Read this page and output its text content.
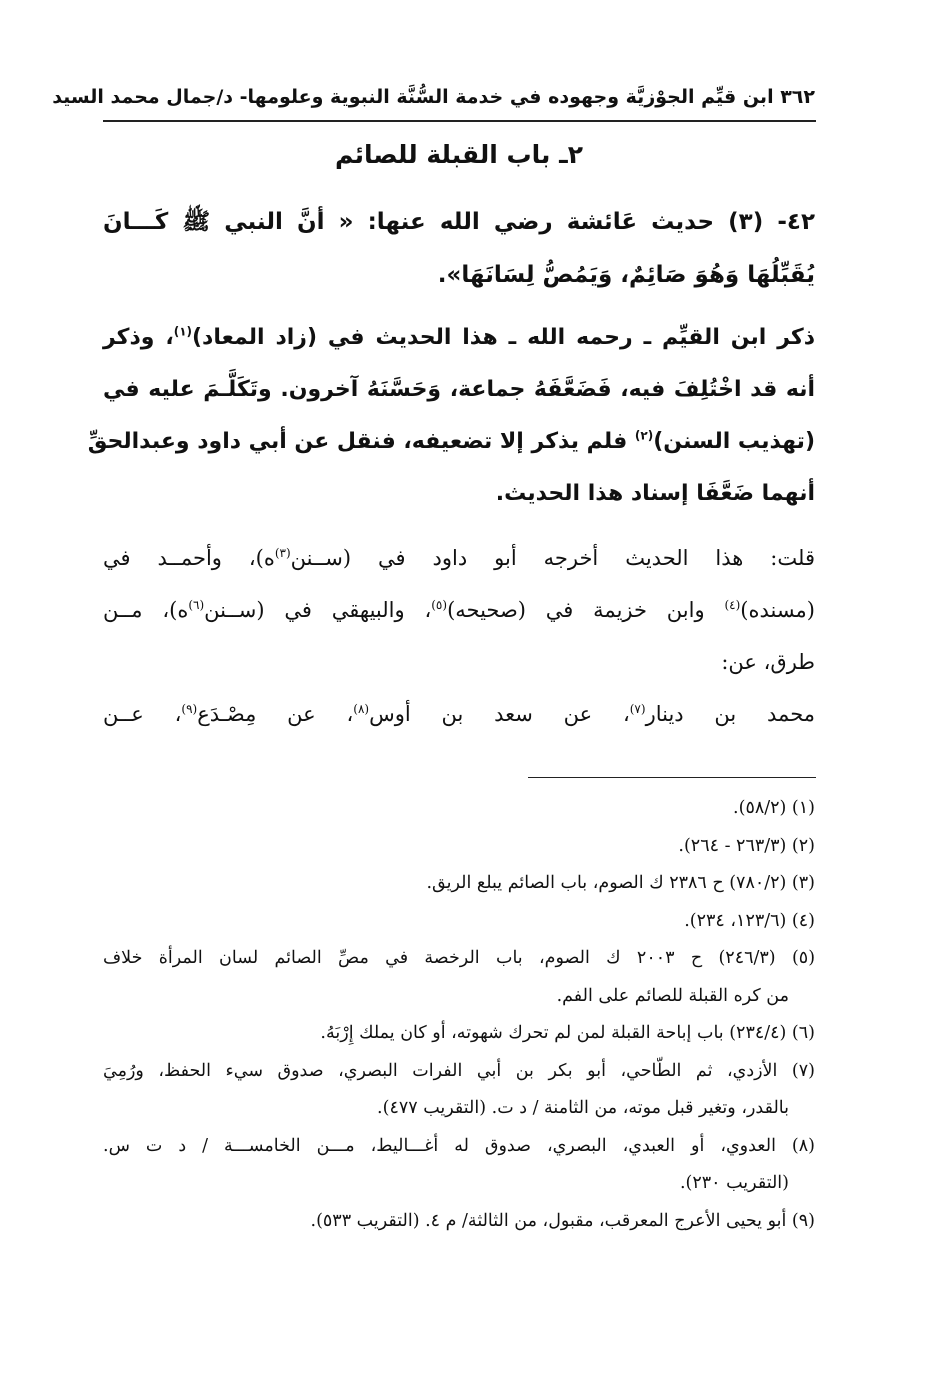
٣٦٢ ابن قيِّم الجوْزيَّة وجهوده في خدمة السُّنَّة النبوية وعلومها- د/جمال محمد السيد
٢ـ باب القبلة للصائم
٤٢- (٣) حديث عَائشة رضي الله عنها: « أنَّ النبي ﷺ كَـــانَ
يُقَبِّلُهَا وَهُوَ صَائِمٌ، وَيَمُصُّ لِسَانَهَا».
ذكر ابن القيِّم ـ رحمه الله ـ هذا الحديث في (زاد المعاد)$^{(١)}$، وذكر
أنه قد اخْتُلِفَ فيه، فَضَعَّفَهُ جماعة، وَحَسَّنَهُ آخرون. وتَكَلَّـمَ عليه في
(تهذيب السنن)$^{(٢)}$ فلم يذكر إلا تضعيفه، فنقل عن أبي داود وعبدالحقِّ
أنهما ضَعَّفَا إسناد هذا الحديث.
قلت: هذا الحديث أخرجه أبو داود في (ســنن$^{(٣)}$ه)، وأحمــد في
(مسنده)$^{(٤)}$ وابن خزيمة في (صحيحه)$^{(٥)}$، والبيهقي في (ســنن$^{(٦)}$ه)، مــن
طرق، عن:
محمد بن دينار$^{(٧)}$، عن سعد بن أوس$^{(٨)}$، عن مِصْـدَع$^{(٩)}$، عــن
(١) (٥٨/٢).
(٢) (٢٦٣/٣ - ٢٦٤).
(٣) (٧٨٠/٢) ح ٢٣٨٦ ك الصوم، باب الصائم يبلع الريق.
(٤) (١٢٣/٦، ٢٣٤).
(٥) (٢٤٦/٣) ح ٢٠٠٣ ك الصوم، باب الرخصة في مصِّ الصائم لسان المرأة خلاف
من كره القبلة للصائم على الفم.
(٦) (٢٣٤/٤) باب إباحة القبلة لمن لم تحرك شهوته، أو كان يملك إِرْبَهُ.
(٧) الأزدي، ثم الطّاحي، أبو بكر بن أبي الفرات البصري، صدوق سيء الحفظ، ورُمِيَ
بالقدر، وتغير قبل موته، من الثامنة / د ت. (التقريب ٤٧٧).
(٨) العدوي، أو العبدي، البصري، صدوق له أغـــاليط، مـــن الخامســـة / د ت س.
(التقريب ٢٣٠).
(٩) أبو يحيى الأعرج المعرقب، مقبول، من الثالثة/ م ٤. (التقريب ٥٣٣).
